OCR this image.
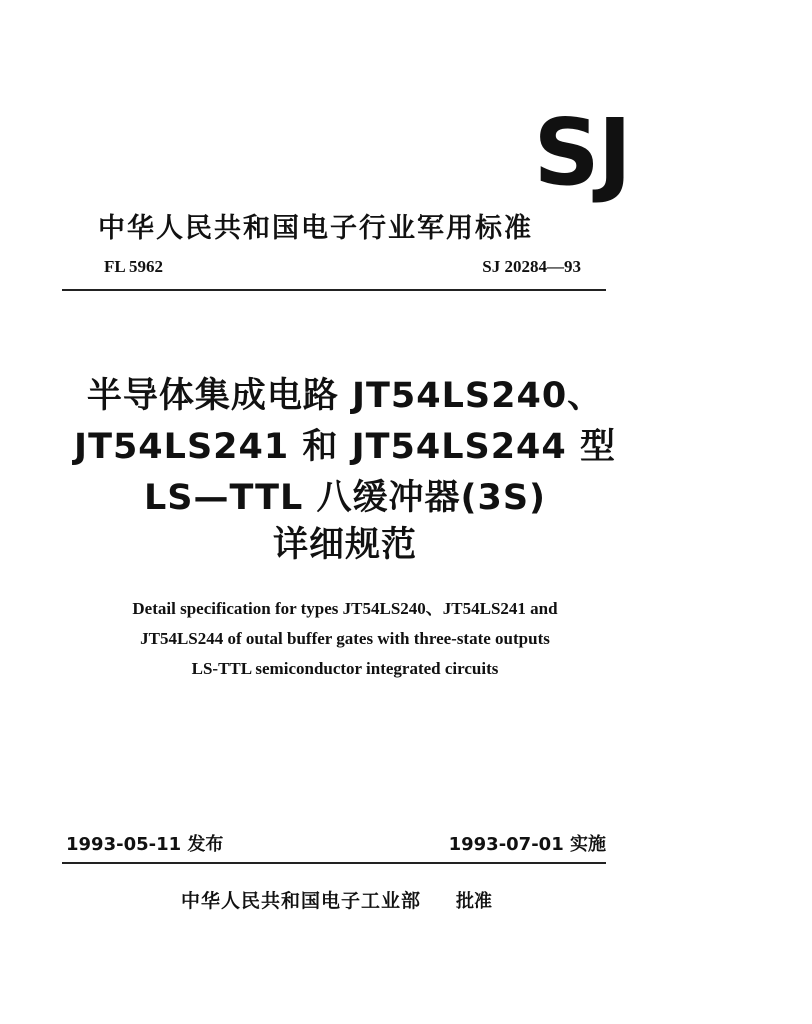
SJ
中华人民共和国电子行业军用标准
FL 5962	SJ 20284—93
半导体集成电路 JT54LS240、
JT54LS241 和 JT54LS244 型
LS—TTL 八缓冲器(3S)
详细规范
Detail specification for types JT54LS240、JT54LS241 and
JT54LS244 of outal buffer gates with three-state outputs
LS-TTL semiconductor integrated circuits
1993-05-11 发布	1993-07-01 实施
中华人民共和国电子工业部 批准
